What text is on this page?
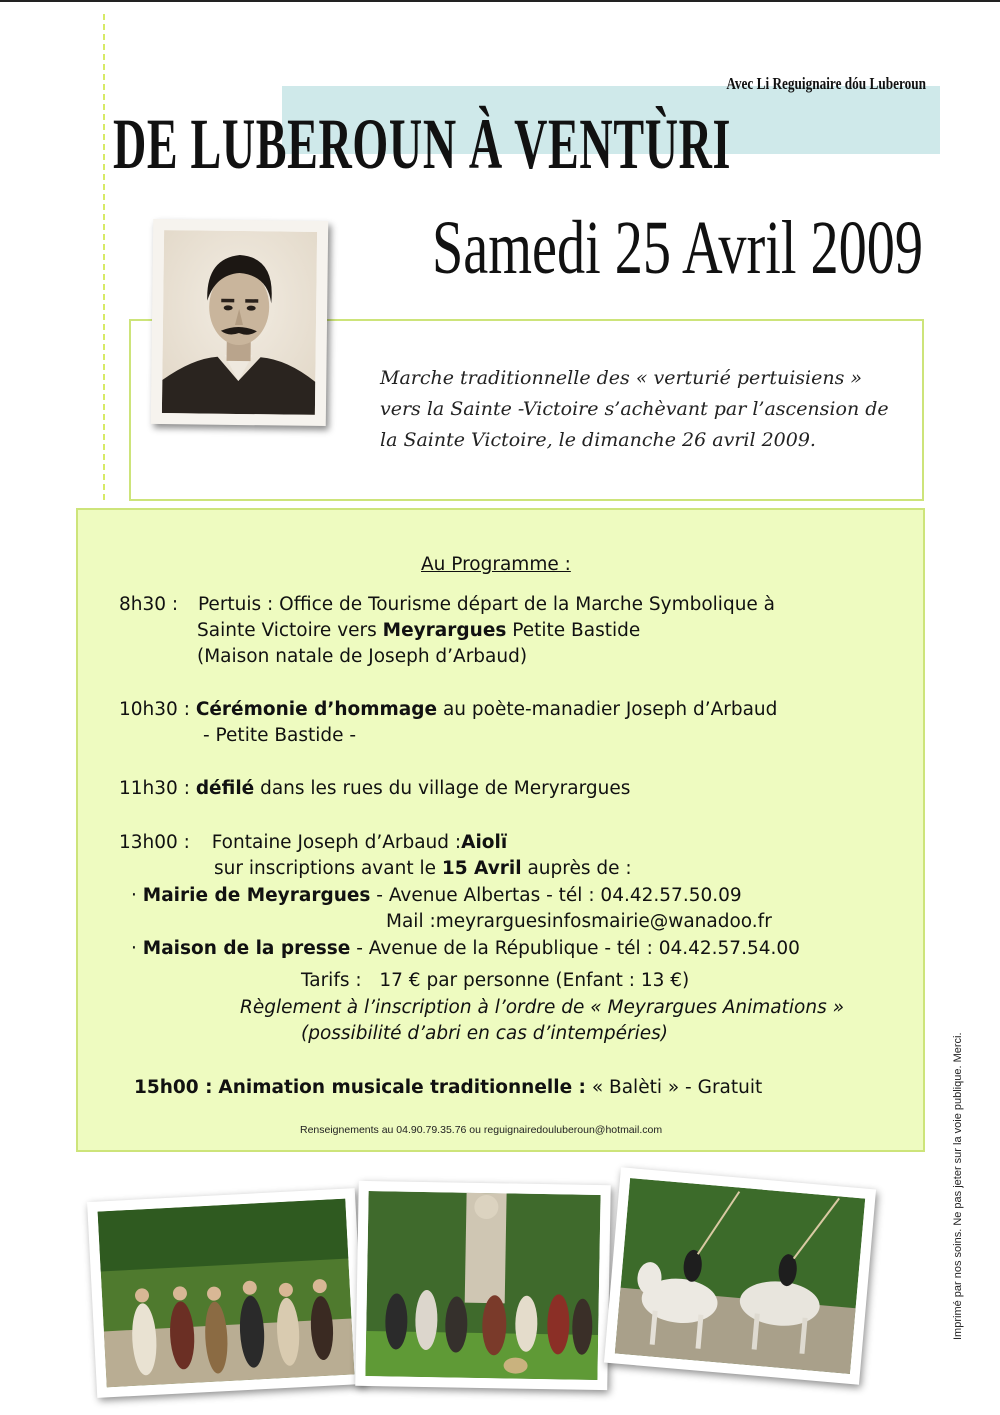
Avec Li Reguignaire dóu Luberoun
DE LUBEROUN À VENTÙRI
Samedi 25 Avril 2009
Marche traditionnelle des « verturié pertuisiens »
vers la Sainte -Victoire s’achèvant par l’ascension de
la Sainte Victoire, le dimanche 26 avril 2009.
Au Programme :
8h30 : Pertuis : Office de Tourisme départ de la Marche Symbolique à
Sainte Victoire vers Meyrargues Petite Bastide
(Maison natale de Joseph d’Arbaud)
10h30 : Cérémonie d’hommage au poète-manadier Joseph d’Arbaud
- Petite Bastide -
11h30 : défilé dans les rues du village de Meryrargues
13h00 : Fontaine Joseph d’Arbaud :Aiolï
sur inscriptions avant le 15 Avril auprès de :
· Mairie de Meyrargues - Avenue Albertas - tél : 04.42.57.50.09
Mail :meyrarguesinfosmairie@wanadoo.fr
· Maison de la presse - Avenue de la République - tél : 04.42.57.54.00
Tarifs : 17 € par personne (Enfant : 13 €)
Règlement à l’inscription à l’ordre de « Meyrargues Animations »
(possibilité d’abri en cas d’intempéries)
15h00 : Animation musicale traditionnelle : « Balèti » - Gratuit
Renseignements au 04.90.79.35.76 ou reguignairedouluberoun@hotmail.com	Imprimé par nos soins. Ne pas jeter sur la voie publique. Merci.
